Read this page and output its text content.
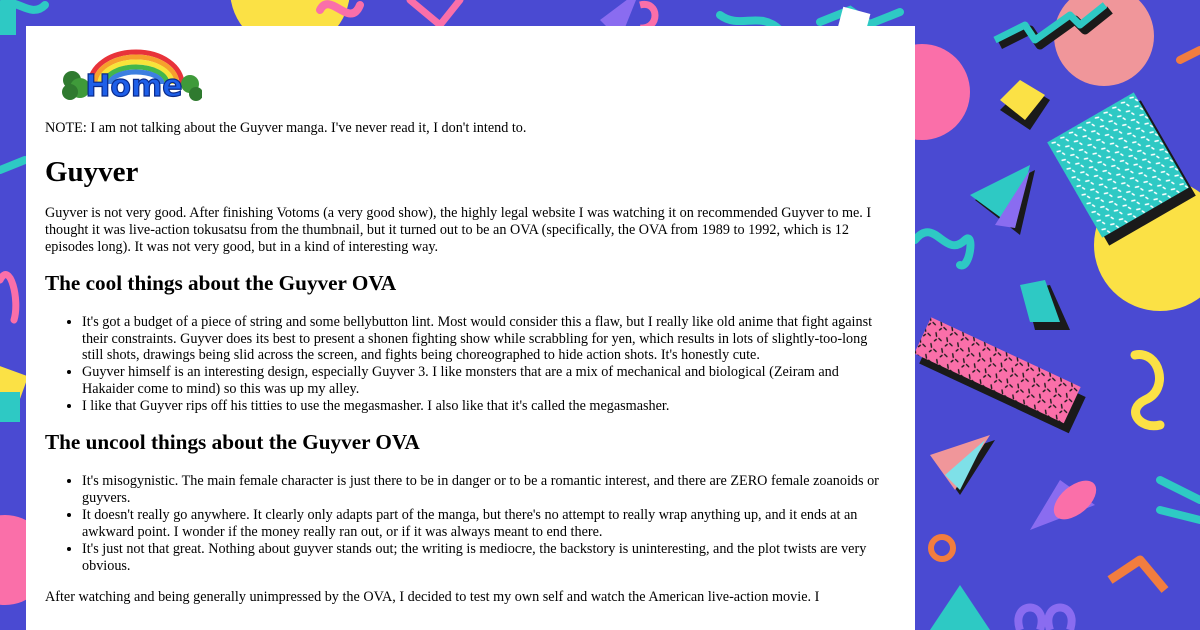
Home

NOTE: I am not talking about the Guyver manga. I've never read it, I don't intend to.

Guyver

Guyver is not very good. After finishing Votoms (a very good show), the highly legal website I was watching it on recommended Guyver to me. I thought it was live-action tokusatsu from the thumbnail, but it turned out to be an OVA (specifically, the OVA from 1989 to 1992, which is 12 episodes long). It was not very good, but in a kind of interesting way.

The cool things about the Guyver OVA
• It's got a budget of a piece of string and some bellybutton lint. Most would consider this a flaw, but I really like old anime that fight against their constraints. Guyver does its best to present a shonen fighting show while scrabbling for yen, which results in lots of slightly-too-long still shots, drawings being slid across the screen, and fights being choreographed to hide action shots. It's honestly cute.
• Guyver himself is an interesting design, especially Guyver 3. I like monsters that are a mix of mechanical and biological (Zeiram and Hakaider come to mind) so this was up my alley.
• I like that Guyver rips off his titties to use the megasmasher. I also like that it's called the megasmasher.
The uncool things about the Guyver OVA
• It's misogynistic. The main female character is just there to be in danger or to be a romantic interest, and there are ZERO female zoanoids or guyvers.
• It doesn't really go anywhere. It clearly only adapts part of the manga, but there's no attempt to really wrap anything up, and it ends at an awkward point. I wonder if the money really ran out, or if it was always meant to end there.
• It's just not that great. Nothing about guyver stands out; the writing is mediocre, the backstory is uninteresting, and the plot twists are very obvious.

After watching and being generally unimpressed by the OVA, I decided to test my own self and watch the American live-action movie. I
